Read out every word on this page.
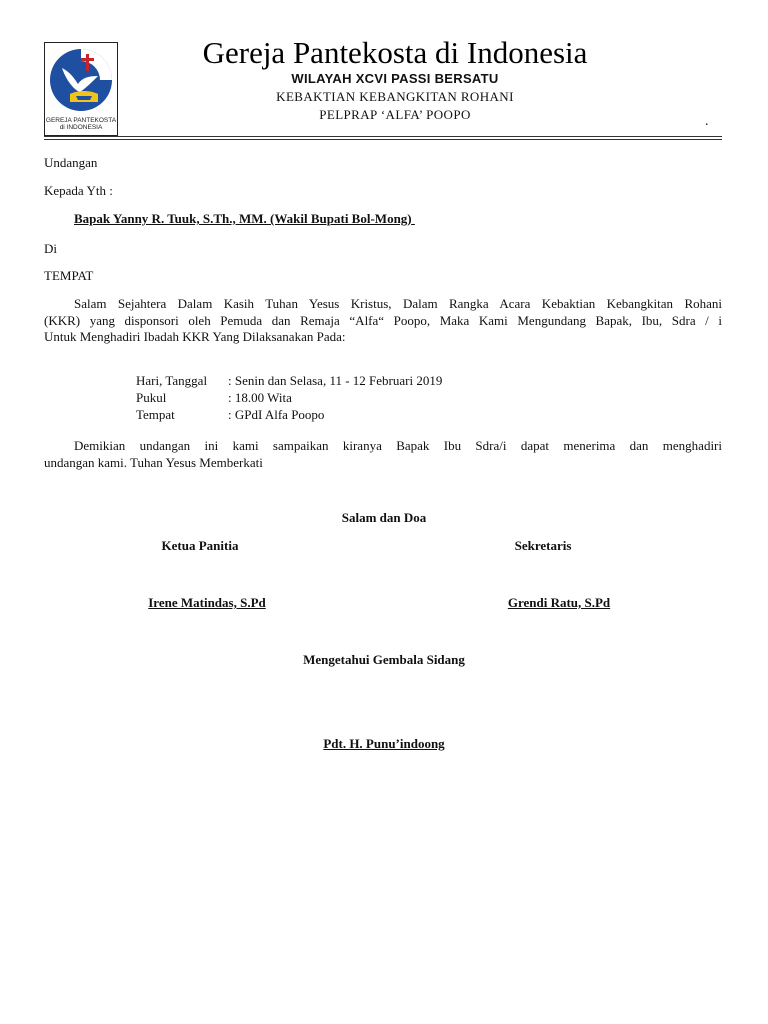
GEREJA PANTEKOSTA
di INDONESIA
Gereja Pantekosta di Indonesia
WILAYAH XCVI PASSI BERSATU
KEBAKTIAN KEBANGKITAN ROHANI
PELPRAP ‘ALFA’ POOPO	.
Undangan
Kepada Yth :
Bapak Yanny R. Tuuk, S.Th., MM. (Wakil Bupati Bol-Mong)
Di
TEMPAT
Salam Sejahtera Dalam Kasih Tuhan Yesus Kristus, Dalam Rangka Acara Kebaktian Kebangkitan Rohani
(KKR) yang disponsori oleh Pemuda dan Remaja “Alfa“ Poopo, Maka Kami Mengundang Bapak, Ibu, Sdra / i
Untuk Menghadiri Ibadah KKR Yang Dilaksanakan Pada:
Hari, Tanggal : Senin dan Selasa, 11 - 12 Februari 2019
Pukul	: 18.00 Wita
Tempat	: GPdI Alfa Poopo
Demikian undangan ini kami sampaikan kiranya Bapak Ibu Sdra/i dapat menerima dan menghadiri
undangan kami. Tuhan Yesus Memberkati
Salam dan Doa
Ketua Panitia	Sekretaris
Irene Matindas, S.Pd	Grendi Ratu, S.Pd
Mengetahui Gembala Sidang
Pdt. H. Punu’indoong
